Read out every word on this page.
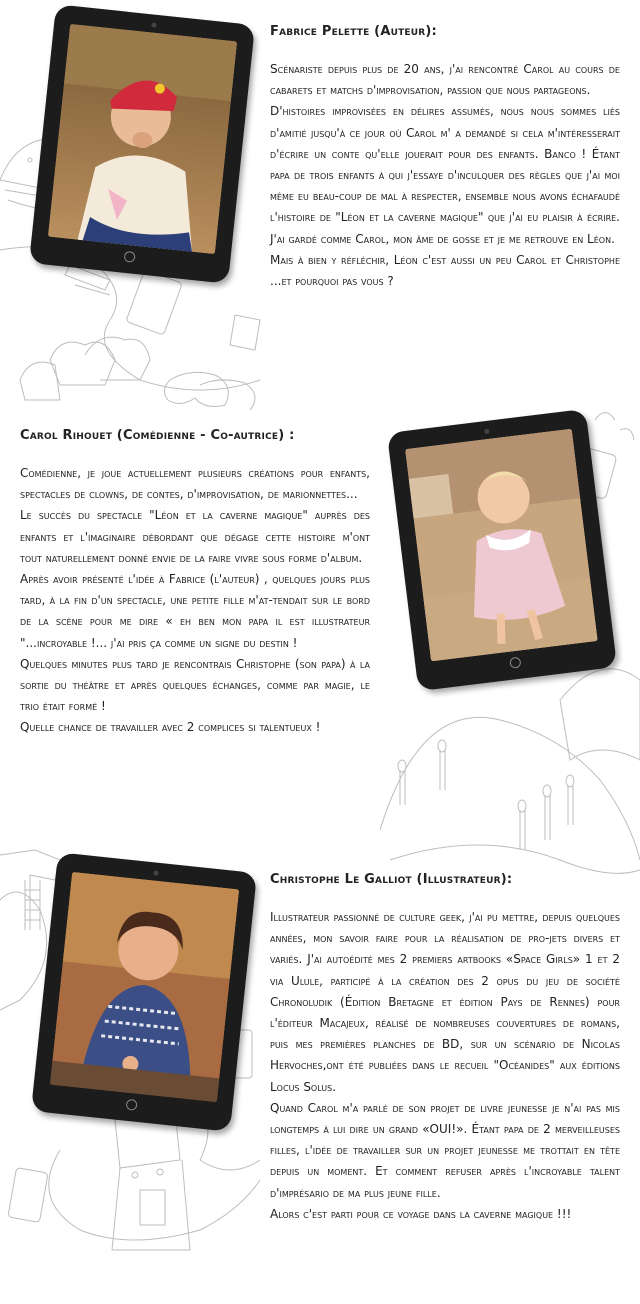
Fabrice Pelette (Auteur):

Scénariste depuis plus de 20 ans, j'ai rencontré Carol au cours de cabarets et matchs d'improvisation, passion que nous partageons.

D'histoires improvisées en délires assumés, nous nous sommes liés d'amitié jusqu'à ce jour où Carol m' a demandé si cela m'intéresserait d'écrire un conte qu'elle jouerait pour des enfants. Banco ! Étant papa de trois enfants à qui j'essaye d'inculquer des règles que j'ai moi même eu beau-coup de mal à respecter, ensemble nous avons échafaudé l'histoire de "Léon et la caverne magique" que j'ai eu plaisir à écrire. J'ai gardé comme Carol, mon âme de gosse et je me retrouve en Léon.

Mais à bien y réfléchir, Léon c'est aussi un peu Carol et Christophe ...et pourquoi pas vous ?

Carol Rihouet (Comédienne - Co-autrice) :

Comédienne, je joue actuellement plusieurs créations pour enfants, spectacles de clowns, de contes, d'improvisation, de marionnettes...

Le succès du spectacle "Léon et la caverne magique" auprès des enfants et l'imaginaire débordant que dégage cette histoire m'ont tout naturellement donné envie de la faire vivre sous forme d'album.

Après avoir présenté l'idée à Fabrice (l'auteur) , quelques jours plus tard, à la fin d'un spectacle, une petite fille m'at-tendait sur le bord de la scène pour me dire « eh ben mon papa il est illustrateur "...incroyable !... j'ai pris ça comme un signe du destin !

Quelques minutes plus tard je rencontrais Christophe (son papa) à la sortie du théâtre et après quelques échanges, comme par magie, le trio était formé !

Quelle chance de travailler avec 2 complices si talentueux !

Christophe Le Galliot (Illustrateur):

Illustrateur passionné de culture geek, j'ai pu mettre, depuis quelques années, mon savoir faire pour la réalisation de pro-jets divers et variés. J'ai autoédité mes 2 premiers artbooks «Space Girls» 1 et 2 via Ulule, participé à la création des 2 opus du jeu de société Chronoludik (Édition Bretagne et édition Pays de Rennes) pour l'éditeur Macajeux, réalisé de nombreuses couvertures de romans, puis mes premières planches de BD, sur un scénario de Nicolas Hervoches,ont été publiées dans le recueil "Océanides" aux éditions Locus Solus.

Quand Carol m'a parlé de son projet de livre jeunesse je n'ai pas mis longtemps à lui dire un grand «OUI!». Étant papa de 2 merveilleuses filles, l'idée de travailler sur un projet jeunesse me trottait en tête depuis un moment. Et comment refuser après l'incroyable talent d'imprésario de ma plus jeune fille.

Alors c'est parti pour ce voyage dans la caverne magique !!!
